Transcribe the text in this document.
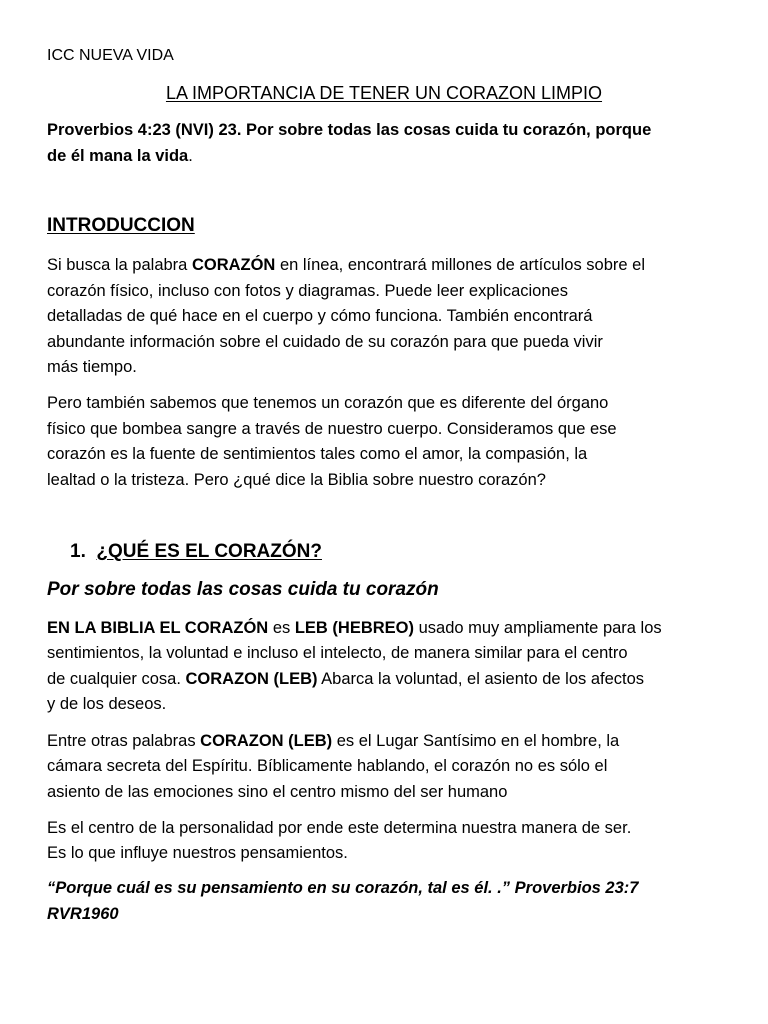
ICC NUEVA VIDA
LA IMPORTANCIA DE TENER UN CORAZON LIMPIO
Proverbios 4:23 (NVI) 23. Por sobre todas las cosas cuida tu corazón, porque
de él mana la vida.
INTRODUCCION
Si busca la palabra CORAZÓN en línea, encontrará millones de artículos sobre el
corazón físico, incluso con fotos y diagramas. Puede leer explicaciones
detalladas de qué hace en el cuerpo y cómo funciona. También encontrará
abundante información sobre el cuidado de su corazón para que pueda vivir
más tiempo.
Pero también sabemos que tenemos un corazón que es diferente del órgano
físico que bombea sangre a través de nuestro cuerpo. Consideramos que ese
corazón es la fuente de sentimientos tales como el amor, la compasión, la
lealtad o la tristeza. Pero ¿qué dice la Biblia sobre nuestro corazón?
1. ¿QUÉ ES EL CORAZÓN?
Por sobre todas las cosas cuida tu corazón
EN LA BIBLIA EL CORAZÓN es LEB (HEBREO) usado muy ampliamente para los
sentimientos, la voluntad e incluso el intelecto, de manera similar para el centro
de cualquier cosa. CORAZON (LEB) Abarca la voluntad, el asiento de los afectos
y de los deseos.
Entre otras palabras CORAZON (LEB) es el Lugar Santísimo en el hombre, la
cámara secreta del Espíritu. Bíblicamente hablando, el corazón no es sólo el
asiento de las emociones sino el centro mismo del ser humano
Es el centro de la personalidad por ende este determina nuestra manera de ser.
Es lo que influye nuestros pensamientos.
“Porque cuál es su pensamiento en su corazón, tal es él. .” Proverbios 23:7
RVR1960
